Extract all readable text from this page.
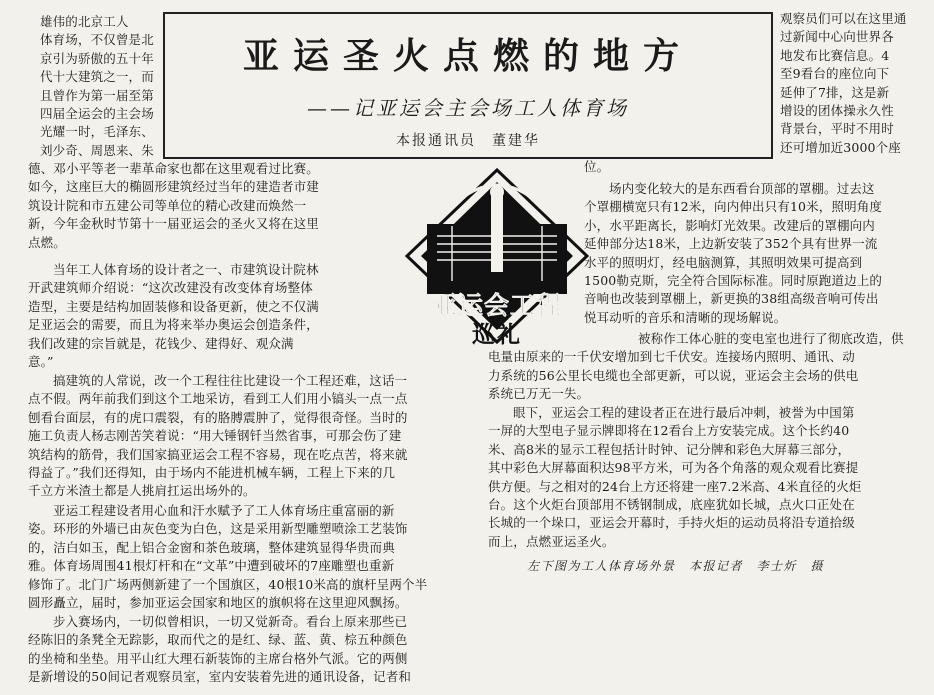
亚运圣火点燃的地方
——记亚运会主会场工人体育场
本报通讯员　董建华

雄伟的北京工人
体育场，不仅曾是北
京引为骄傲的五十年
代十大建筑之一，而
且曾作为第一届至第
四届全运会的主会场
光耀一时，毛泽东、
刘少奇、周恩来、朱

德、邓小平等老一辈革命家也都在这里观看过比赛。
如今，这座巨大的椭圆形建筑经过当年的建造者市建
筑设计院和市五建公司等单位的精心改建而焕然一
新，今年金秋时节第十一届亚运会的圣火又将在这里
点燃。

当年工人体育场的设计者之一、市建筑设计院林
开武建筑师介绍说：“这次改建没有改变体育场整体
造型，主要是结构加固装修和设备更新，使之不仅满
足亚运会的需要，而且为将来举办奥运会创造条件，
我们改建的宗旨就是，花钱少、建得好、观众满
意。”

亚运会工程
巡礼

搞建筑的人常说，改一个工程往往比建设一个工程还难，这话一
点不假。两年前我们到这个工地采访，看到工人们用小镐头一点一点
刨看台面层，有的虎口震裂，有的胳膊震肿了，觉得很奇怪。当时的
施工负责人杨志刚苦笑着说：“用大锤钢钎当然省事，可那会伤了建
筑结构的筋骨，我们国家搞亚运会工程不容易，现在吃点苦，将来就
得益了。”我们还得知，由于场内不能进机械车辆，工程上下来的几
千立方米渣土都是人挑肩扛运出场外的。

亚运工程建设者用心血和汗水赋予了工人体育场庄重富丽的新
姿。环形的外墙已由灰色变为白色，这是采用新型雕塑喷涂工艺装饰
的，洁白如玉，配上铝合金窗和茶色玻璃，整体建筑显得华贵而典
雅。体育场周围41根灯杆和在“文革”中遭到破坏的7座雕塑也重新
修饰了。北门广场两侧新建了一个国旗区，40根10米高的旗杆呈两个半
圆形矗立，届时，参加亚运会国家和地区的旗帜将在这里迎风飘扬。

步入赛场内，一切似曾相识，一切又觉新奇。看台上原来那些已
经陈旧的条凳全无踪影，取而代之的是红、绿、蓝、黄、棕五种颜色
的坐椅和坐垫。用平山红大理石新装饰的主席台格外气派。它的两侧
是新增设的50间记者观察员室，室内安装着先进的通讯设备，记者和

观察员们可以在这里通
过新闻中心向世界各
地发布比赛信息。4
至9看台的座位向下
延伸了7排，这是新
增设的团体操永久性
背景台，平时不用时
还可增加近3000个座

位。

场内变化较大的是东西看台顶部的罩棚。过去这
个罩棚横宽只有12米，向内伸出只有10米，照明角度
小，水平距离长，影响灯光效果。改建后的罩棚向内
延伸部分达18米，上边新安装了352个具有世界一流
水平的照明灯，经电脑测算，其照明效果可提高到
1500勒克斯，完全符合国际标准。同时原跑道边上的
音响也改装到罩棚上，新更换的38组高级音响可传出
悦耳动听的音乐和清晰的现场解说。

被称作工体心脏的变电室也进行了彻底改造，供
电量由原来的一千伏安增加到七千伏安。连接场内照明、通讯、动
力系统的56公里长电缆也全部更新，可以说，亚运会主会场的供电
系统已万无一失。

眼下，亚运会工程的建设者正在进行最后冲刺，被誉为中国第
一屏的大型电子显示牌即将在12看台上方安装完成。这个长约40
米、高8米的显示工程包括计时钟、记分牌和彩色大屏幕三部分，
其中彩色大屏幕面积达98平方米，可为各个角落的观众观看比赛提
供方便。与之相对的24台上方还将建一座7.2米高、4米直径的火炬
台。这个火炬台顶部用不锈钢制成，底座犹如长城，点火口正处在
长城的一个垛口，亚运会开幕时，手持火炬的运动员将沿专道拾级
而上，点燃亚运圣火。

左下图为工人体育场外景　本报记者　李士炘　摄
